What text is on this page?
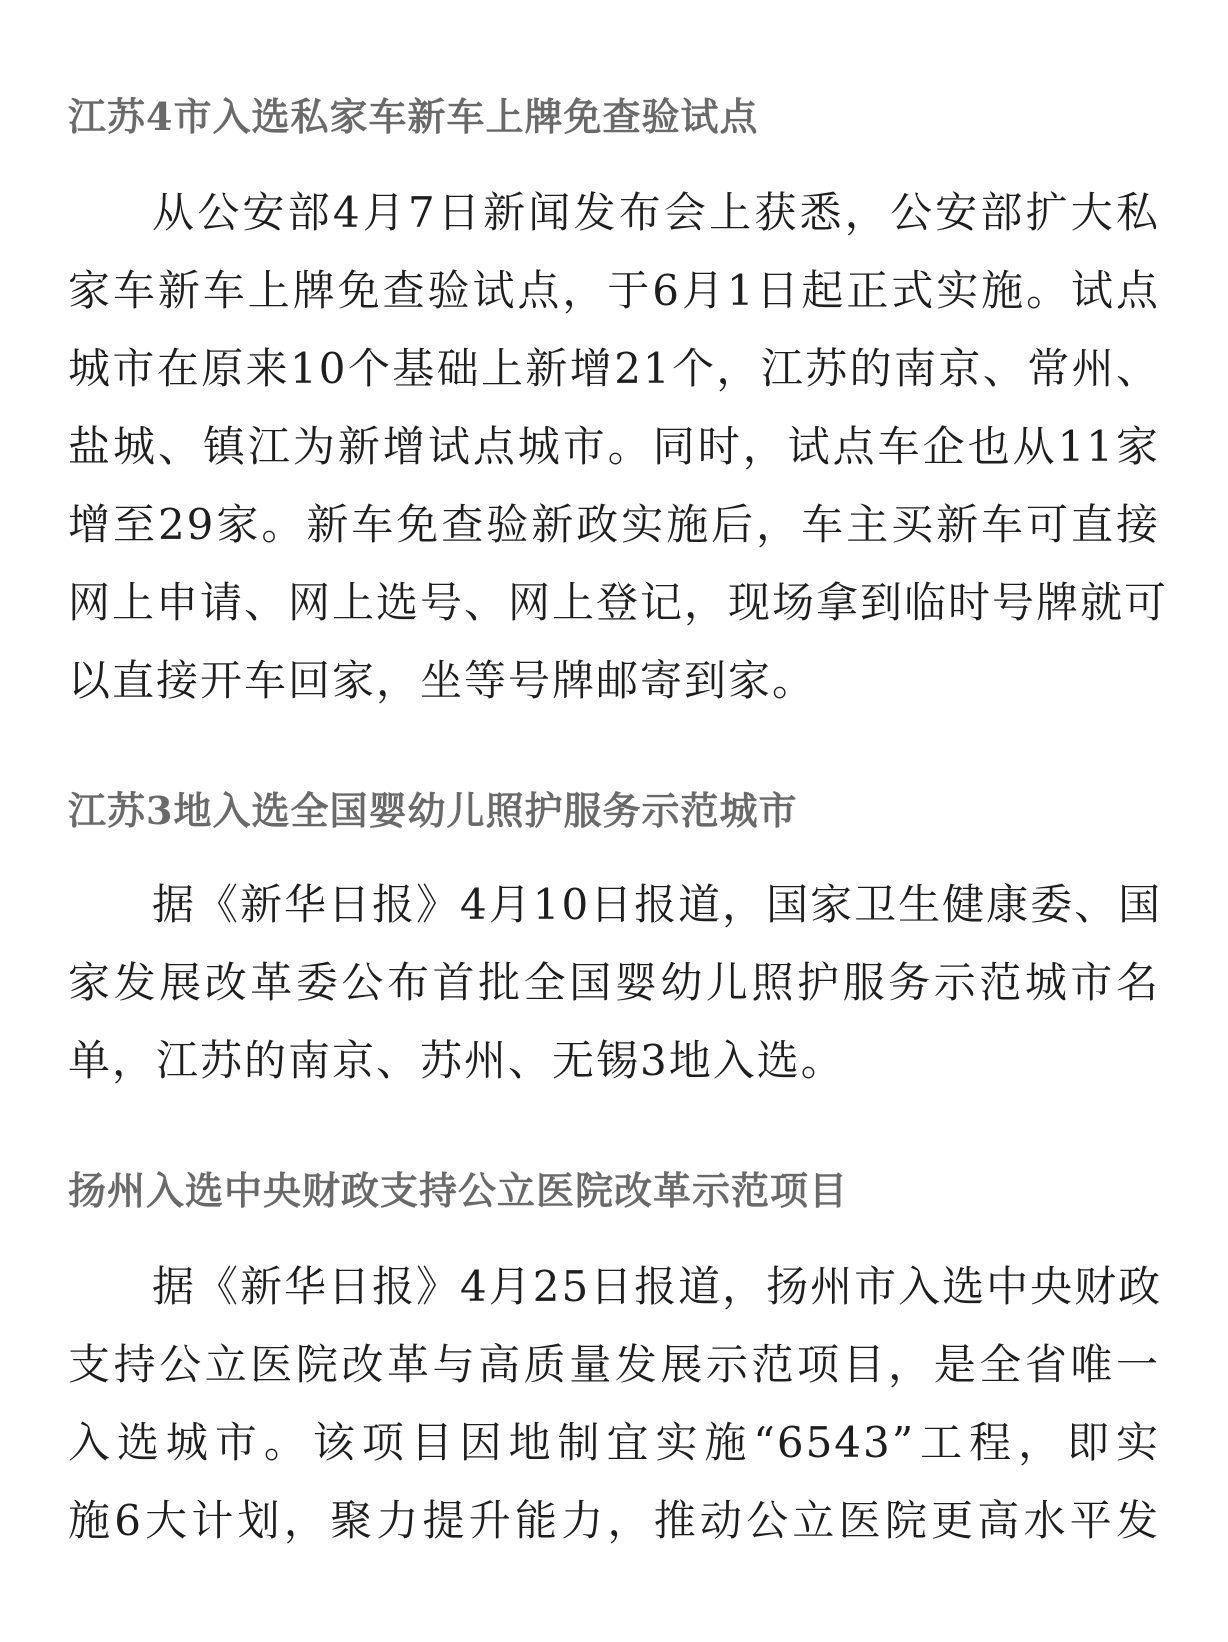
江苏4市入选私家车新车上牌免查验试点
从公安部4月7日新闻发布会上获悉，公安部扩大私
家车新车上牌免查验试点，于6月1日起正式实施。试点
城市在原来10个基础上新增21个，江苏的南京、常州、
盐城、镇江为新增试点城市。同时，试点车企也从11家
增至29家。新车免查验新政实施后，车主买新车可直接
网上申请、网上选号、网上登记，现场拿到临时号牌就可
以直接开车回家，坐等号牌邮寄到家。
江苏3地入选全国婴幼儿照护服务示范城市
据《新华日报》4月10日报道，国家卫生健康委、国
家发展改革委公布首批全国婴幼儿照护服务示范城市名
单，江苏的南京、苏州、无锡3地入选。
扬州入选中央财政支持公立医院改革示范项目
据《新华日报》4月25日报道，扬州市入选中央财政
支持公立医院改革与高质量发展示范项目，是全省唯一
入选城市。该项目因地制宜实施“6543”工程，即实
施6大计划，聚力提升能力，推动公立医院更高水平发
